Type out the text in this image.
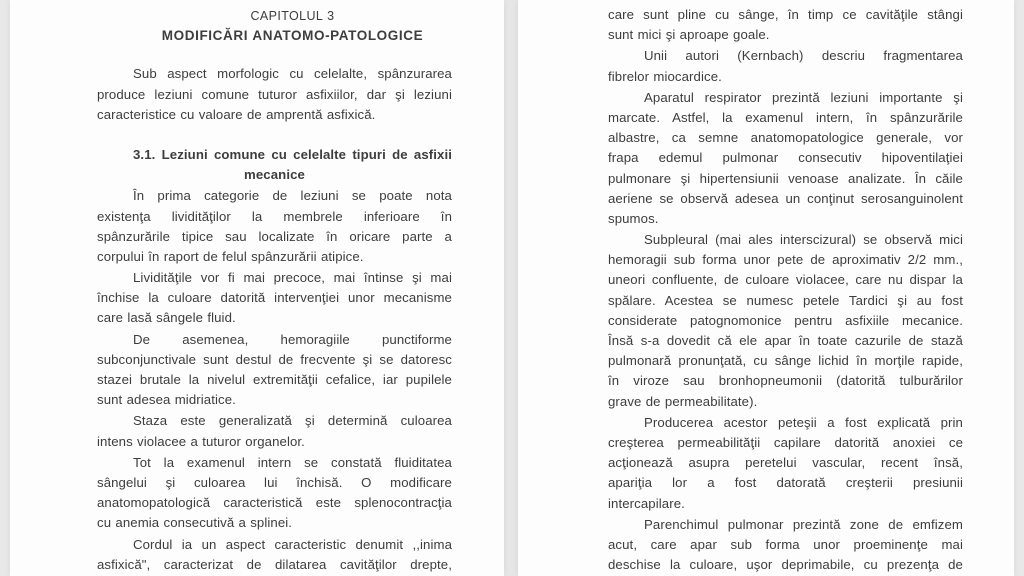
CAPITOLUL 3
MODIFICĂRI ANATOMO-PATOLOGICE
Sub aspect morfologic cu celelalte, spânzurarea
produce leziuni comune tuturor asfixiilor, dar şi leziuni
caracteristice cu valoare de amprentă asfixică.
3.1. Leziuni comune cu celelalte tipuri de asfixii
mecanice
În prima categorie de leziuni se poate nota
existenţa lividităţilor la membrele inferioare în
spânzurările tipice sau localizate în oricare parte a
corpului în raport de felul spânzurării atipice.
Lividităţile vor fi mai precoce, mai întinse şi mai
închise la culoare datorită intervenţiei unor mecanisme
care lasă sângele fluid.
De asemenea, hemoragiile punctiforme
subconjunctivale sunt destul de frecvente şi se datoresc
stazei brutale la nivelul extremităţii cefalice, iar pupilele
sunt adesea midriatice.
Staza este generalizată şi determină culoarea
intens violacee a tuturor organelor.
Tot la examenul intern se constată fluiditatea
sângelui şi culoarea lui închisă. O modificare
anatomopatologică caracteristică este splenocontracţia
cu anemia consecutivă a splinei.
Cordul ia un aspect caracteristic denumit ,,inima
asfixică", caracterizat de dilatarea cavităţilor drepte,
care sunt pline cu sânge, în timp ce cavităţile stângi
sunt mici şi aproape goale.
Unii autori (Kernbach) descriu fragmentarea
fibrelor miocardice.
Aparatul respirator prezintă leziuni importante şi
marcate. Astfel, la examenul intern, în spânzurările
albastre, ca semne anatomopatologice generale, vor
frapa edemul pulmonar consecutiv hipoventilaţiei
pulmonare şi hipertensiunii venoase analizate. În căile
aeriene se observă adesea un conţinut serosanguinolent
spumos.
Subpleural (mai ales interscizural) se observă mici
hemoragii sub forma unor pete de aproximativ 2/2 mm.,
uneori confluente, de culoare violacee, care nu dispar la
spălare. Acestea se numesc petele Tardici şi au fost
considerate patognomonice pentru asfixiile mecanice.
Însă s-a dovedit că ele apar în toate cazurile de stază
pulmonară pronunţată, cu sânge lichid în morţile rapide,
în viroze sau bronhopneumonii (datorită tulburărilor
grave de permeabilitate).
Producerea acestor peteşii a fost explicată prin
creşterea permeabilităţii capilare datorită anoxiei ce
acţionează asupra peretelui vascular, recent însă,
apariţia lor a fost datorată creşterii presiunii
intercapilare.
Parenchimul pulmonar prezintă zone de emfizem
acut, care apar sub forma unor proeminenţe mai
deschise la culoare, uşor deprimabile, cu prezenţa de
